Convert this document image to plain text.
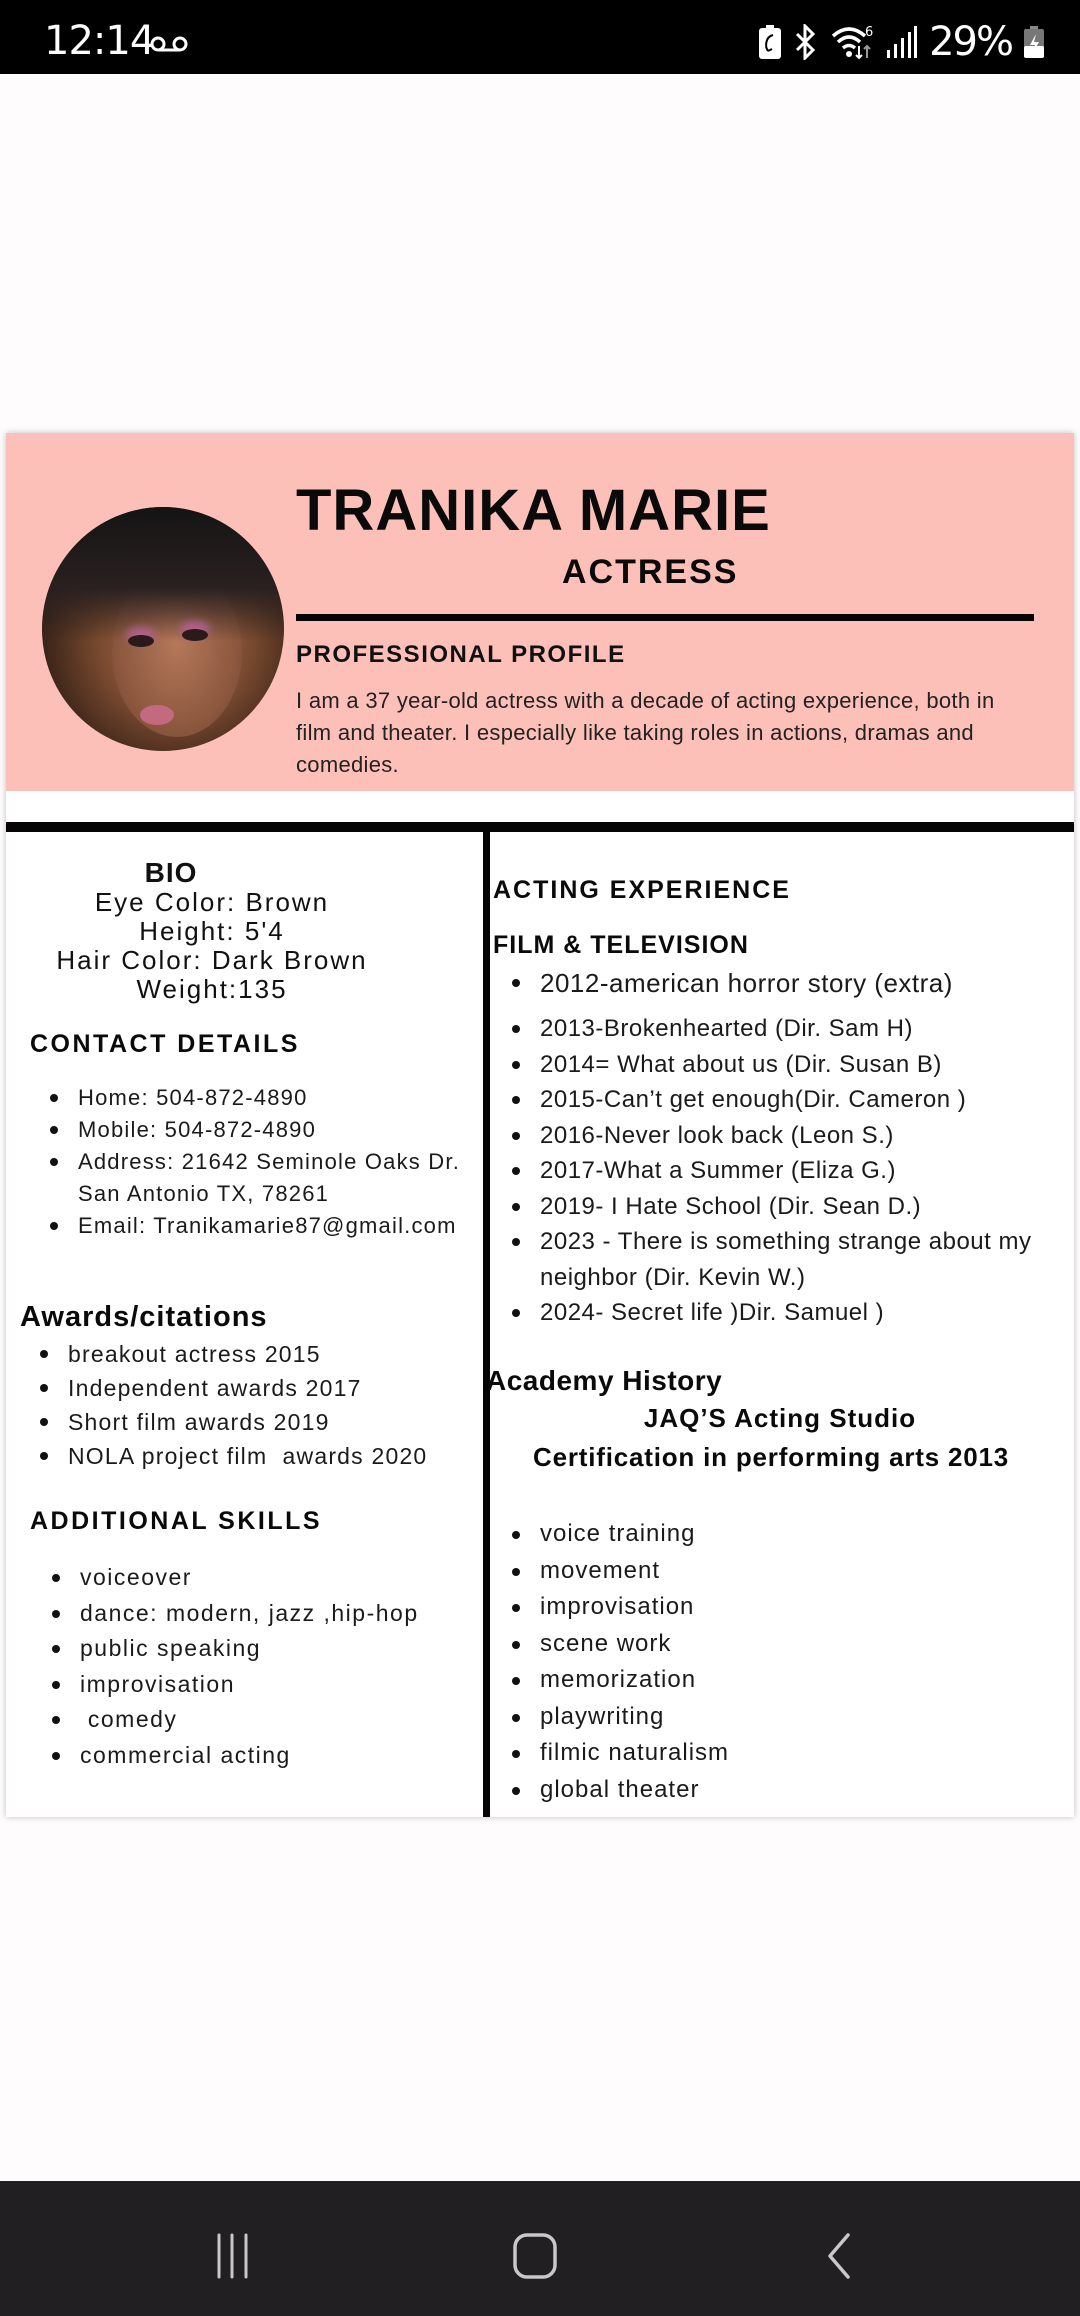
12:14	6 29%
TRANIKA MARIE
ACTRESS
PROFESSIONAL PROFILE
I am a 37 year-old actress with a decade of acting experience, both in film and theater. I especially like taking roles in actions, dramas and comedies.
BIO
Eye Color: Brown
Height: 5'4
Hair Color: Dark Brown
Weight:135
CONTACT DETAILS
Home: 504-872-4890
Mobile: 504-872-4890
Address: 21642 Seminole Oaks Dr. San Antonio TX, 78261
Email: Tranikamarie87@gmail.com
Awards/citations
breakout actress 2015
Independent awards 2017
Short film awards 2019
NOLA project film  awards 2020
ADDITIONAL SKILLS
voiceover
dance: modern, jazz ,hip-hop
public speaking
improvisation
comedy
commercial acting
ACTING EXPERIENCE
FILM & TELEVISION
2012-american horror story (extra)
2013-Brokenhearted (Dir. Sam H)
2014= What about us (Dir. Susan B)
2015-Can’t get enough(Dir. Cameron )
2016-Never look back (Leon S.)
2017-What a Summer (Eliza G.)
2019- I Hate School (Dir. Sean D.)
2023 - There is something strange about my neighbor (Dir. Kevin W.)
2024- Secret life )Dir. Samuel )
Academy History
JAQ’S Acting Studio
Certification in performing arts 2013
voice training
movement
improvisation
scene work
memorization
playwriting
filmic naturalism
global theater
